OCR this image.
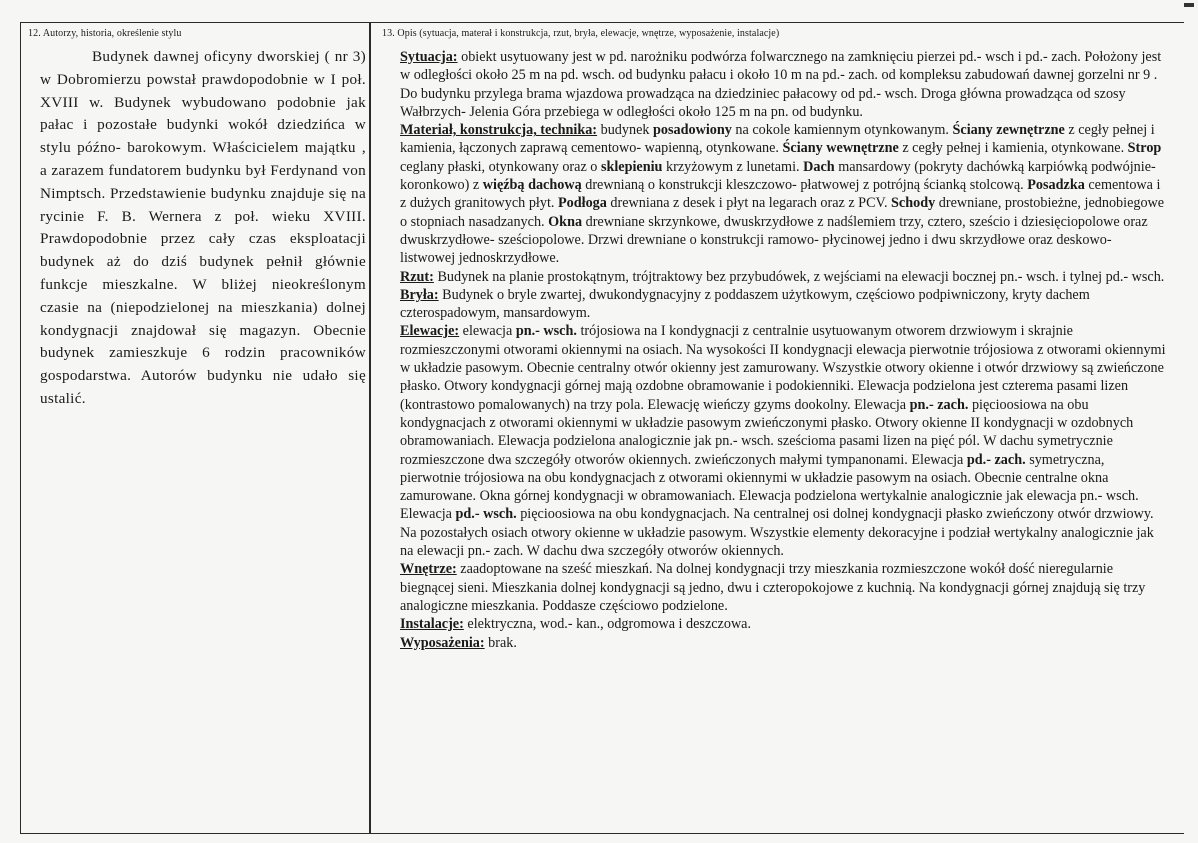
12. Autorzy, historia, określenie stylu	13. Opis (sytuacja, materał i konstrukcja, rzut, bryła, elewacje, wnętrze, wyposażenie, instalacje)

Budynek dawnej oficyny dworskiej ( nr 3) w Dobromierzu powstał prawdopodobnie w I poł. XVIII w. Budynek wybudowano podobnie jak pałac i pozostałe budynki wokół dziedzińca w stylu późno- barokowym. Właścicielem majątku , a zarazem fundatorem budynku był Ferdynand von Nimptsch. Przedstawienie budynku znajduje się na rycinie F. B. Wernera z poł. wieku XVIII. Prawdopodobnie przez cały czas eksploatacji budynek aż do dziś budynek pełnił głównie funkcje mieszkalne. W bliżej nieokreślonym czasie na (niepodzielonej na mieszkania) dolnej kondygnacji znajdował się magazyn. Obecnie budynek zamieszkuje 6 rodzin pracowników gospodarstwa. Autorów budynku nie udało się ustalić.

Sytuacja: obiekt usytuowany jest w pd. narożniku podwórza folwarcznego na zamknięciu pierzei pd.- wsch i pd.- zach. Położony jest w odległości około 25 m na pd. wsch. od budynku pałacu i około 10 m na pd.- zach. od kompleksu zabudowań dawnej gorzelni nr 9 . Do budynku przylega brama wjazdowa prowadząca na dziedziniec pałacowy od pd.- wsch. Droga główna prowadząca od szosy Wałbrzych- Jelenia Góra przebiega w odległości około 125 m na pn. od budynku.

Materiał, konstrukcja, technika: budynek posadowiony na cokole kamiennym otynkowanym. Ściany zewnętrzne z cegły pełnej i kamienia, łączonych zaprawą cementowo- wapienną, otynkowane. Ściany wewnętrzne z cegły pełnej i kamienia, otynkowane. Strop ceglany płaski, otynkowany oraz o sklepieniu krzyżowym z lunetami. Dach mansardowy (pokryty dachówką karpiówką podwójnie- koronkowo) z więźbą dachową drewnianą o konstrukcji kleszczowo- płatwowej z potrójną ścianką stolcową. Posadzka cementowa i z dużych granitowych płyt. Podłoga drewniana z desek i płyt na legarach oraz z PCV. Schody drewniane, prostobieżne, jednobiegowe o stopniach nasadzanych. Okna drewniane skrzynkowe, dwuskrzydłowe z nadślemiem trzy, cztero, sześcio i dziesięciopolowe oraz dwuskrzydłowe- sześciopolowe. Drzwi drewniane o konstrukcji ramowo- płycinowej jedno i dwu skrzydłowe oraz deskowo- listwowej jednoskrzydłowe.

Rzut: Budynek na planie prostokątnym, trójtraktowy bez przybudówek, z wejściami na elewacji bocznej pn.- wsch. i tylnej pd.- wsch.

Bryła: Budynek o bryle zwartej, dwukondygnacyjny z poddaszem użytkowym, częściowo podpiwniczony, kryty dachem czterospadowym, mansardowym.

Elewacje: elewacja pn.- wsch. trójosiowa na I kondygnacji z centralnie usytuowanym otworem drzwiowym i skrajnie rozmieszczonymi otworami okiennymi na osiach. Na wysokości II kondygnacji elewacja pierwotnie trójosiowa z otworami okiennymi w układzie pasowym. Obecnie centralny otwór okienny jest zamurowany. Wszystkie otwory okienne i otwór drzwiowy są zwieńczone płasko. Otwory kondygnacji górnej mają ozdobne obramowanie i podokienniki. Elewacja podzielona jest czterema pasami lizen (kontrastowo pomalowanych) na trzy pola. Elewację wieńczy gzyms dookolny. Elewacja pn.- zach. pięcioosiowa na obu kondygnacjach z otworami okiennymi w układzie pasowym zwieńczonymi płasko. Otwory okienne II kondygnacji w ozdobnych obramowaniach. Elewacja podzielona analogicznie jak pn.- wsch. sześcioma pasami lizen na pięć pól. W dachu symetrycznie rozmieszczone dwa szczegóły otworów okiennych. zwieńczonych małymi tympanonami. Elewacja pd.- zach. symetryczna, pierwotnie trójosiowa na obu kondygnacjach z otworami okiennymi w układzie pasowym na osiach. Obecnie centralne okna zamurowane. Okna górnej kondygnacji w obramowaniach. Elewacja podzielona wertykalnie analogicznie jak elewacja pn.- wsch. Elewacja pd.- wsch. pięcioosiowa na obu kondygnacjach. Na centralnej osi dolnej kondygnacji płasko zwieńczony otwór drzwiowy. Na pozostałych osiach otwory okienne w układzie pasowym. Wszystkie elementy dekoracyjne i podział wertykalny analogicznie jak na elewacji pn.- zach. W dachu dwa szczegóły otworów okiennych.

Wnętrze: zaadoptowane na sześć mieszkań. Na dolnej kondygnacji trzy mieszkania rozmieszczone wokół dość nieregularnie biegnącej sieni. Mieszkania dolnej kondygnacji są jedno, dwu i czteropokojowe z kuchnią. Na kondygnacji górnej znajdują się trzy analogiczne mieszkania. Poddasze częściowo podzielone.

Instalacje: elektryczna, wod.- kan., odgromowa i deszczowa.

Wyposażenia: brak.
